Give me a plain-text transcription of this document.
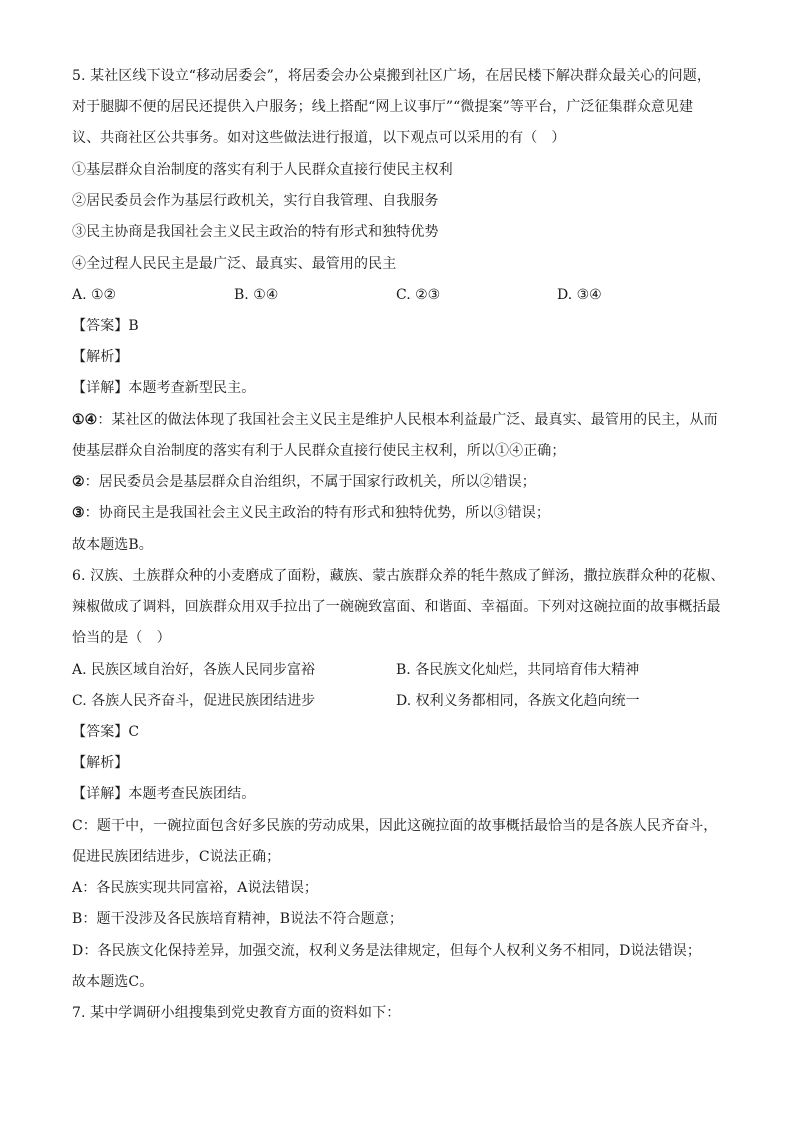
5. 某社区线下设立“移动居委会”，将居委会办公桌搬到社区广场，在居民楼下解决群众最关心的问题，
对于腿脚不便的居民还提供入户服务；线上搭配“网上议事厅”“微提案”等平台，广泛征集群众意见建
议、共商社区公共事务。如对这些做法进行报道，以下观点可以采用的有（　）
①基层群众自治制度的落实有利于人民群众直接行使民主权利
②居民委员会作为基层行政机关，实行自我管理、自我服务
③民主协商是我国社会主义民主政治的特有形式和独特优势
④全过程人民民主是最广泛、最真实、最管用的民主
A. ①②	B. ①④	C. ②③	D. ③④
【答案】B
【解析】
【详解】本题考查新型民主。
①④：某社区的做法体现了我国社会主义民主是维护人民根本利益最广泛、最真实、最管用的民主，从而
使基层群众自治制度的落实有利于人民群众直接行使民主权利，所以①④正确；
②：居民委员会是基层群众自治组织，不属于国家行政机关，所以②错误；
③：协商民主是我国社会主义民主政治的特有形式和独特优势，所以③错误；
故本题选B。
6. 汉族、土族群众种的小麦磨成了面粉，藏族、蒙古族群众养的牦牛熬成了鲜汤，撒拉族群众种的花椒、
辣椒做成了调料，回族群众用双手拉出了一碗碗致富面、和谐面、幸福面。下列对这碗拉面的故事概括最
恰当的是（　）
A. 民族区域自治好，各族人民同步富裕	B. 各民族文化灿烂，共同培育伟大精神
C. 各族人民齐奋斗，促进民族团结进步	D. 权利义务都相同，各族文化趋向统一
【答案】C
【解析】
【详解】本题考查民族团结。
C：题干中，一碗拉面包含好多民族的劳动成果，因此这碗拉面的故事概括最恰当的是各族人民齐奋斗，
促进民族团结进步，C说法正确；
A：各民族实现共同富裕，A说法错误；
B：题干没涉及各民族培育精神，B说法不符合题意；
D：各民族文化保持差异，加强交流，权利义务是法律规定，但每个人权利义务不相同，D说法错误；
故本题选C。
7. 某中学调研小组搜集到党史教育方面的资料如下：
